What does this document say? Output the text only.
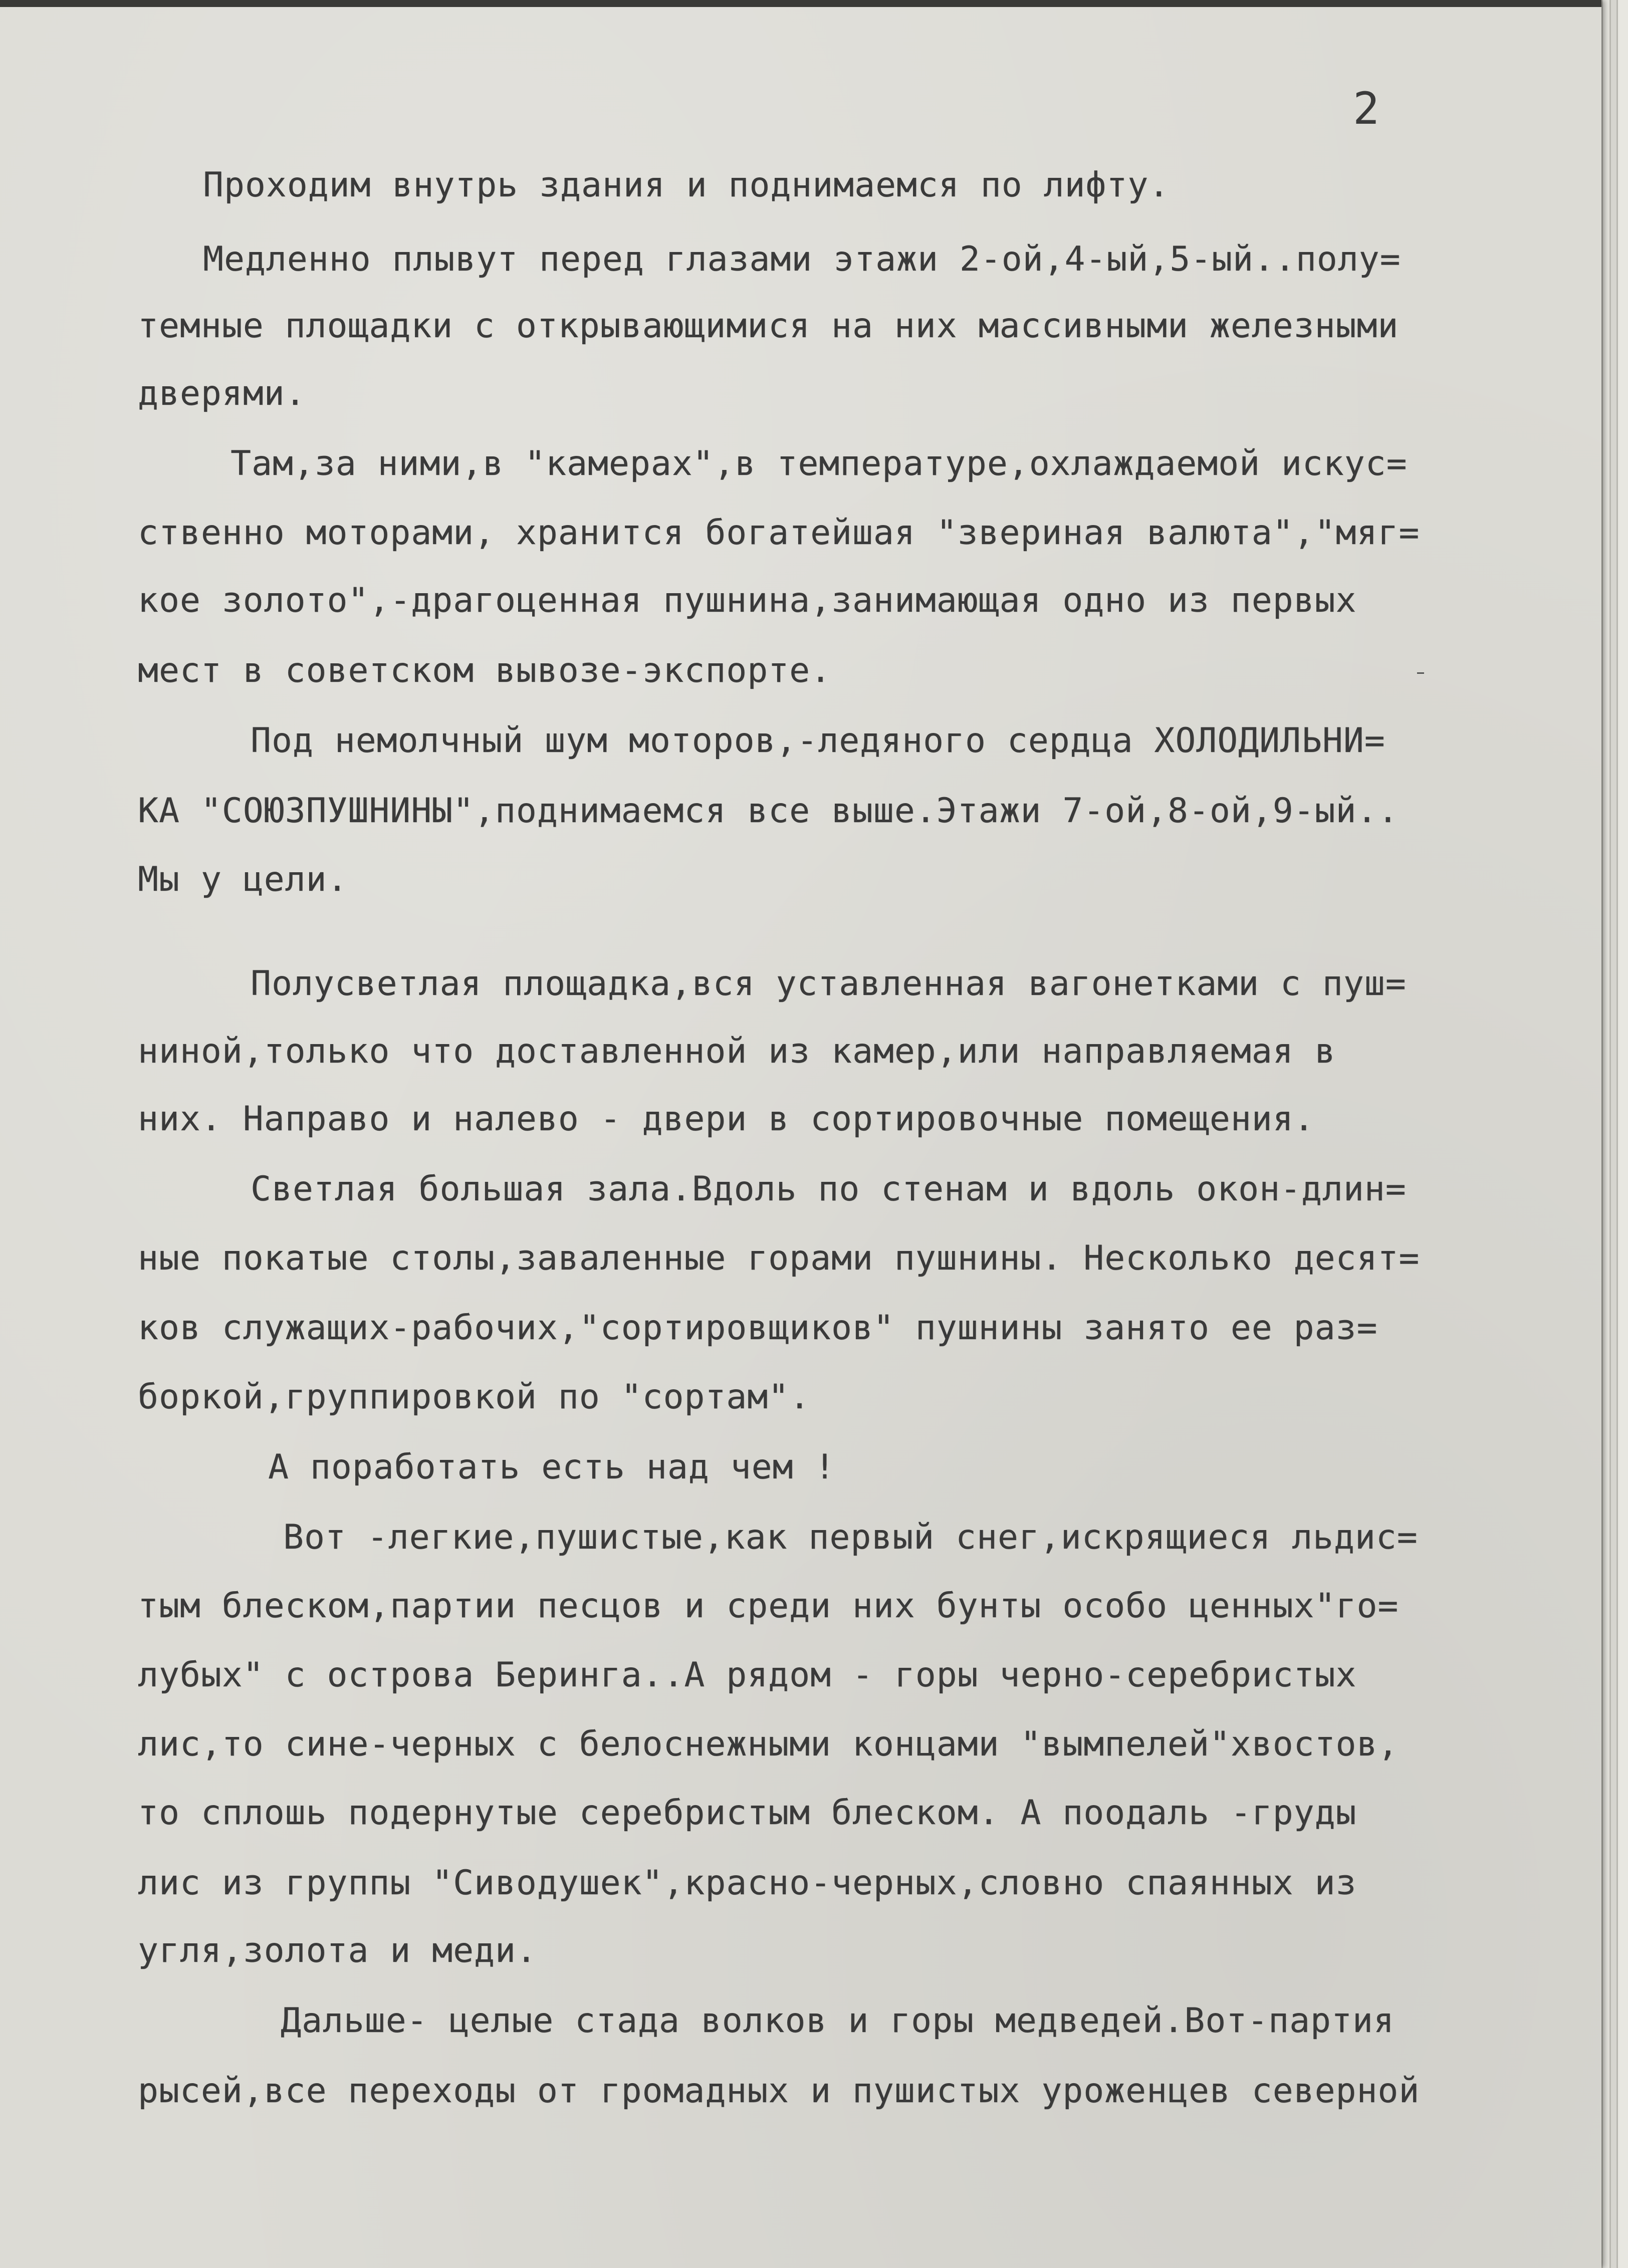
2
Проходим внутрь здания и поднимаемся по лифту.
Медленно плывут перед глазами этажи 2-ой,4-ый,5-ый..полу=
темные площадки с открывающимися на них массивными железными
дверями.
Там,за ними,в "камерах",в температуре,охлаждаемой искус=
ственно моторами, хранится богатейшая "звериная валюта","мяг=
кое золото",-драгоценная пушнина,занимающая одно из первых
мест в советском вывозе-экспорте.
Под немолчный шум моторов,-ледяного сердца ХОЛОДИЛЬНИ=
КА "СОЮЗПУШНИНЫ",поднимаемся все выше.Этажи 7-ой,8-ой,9-ый..
Мы у цели.
Полусветлая площадка,вся уставленная вагонетками с пуш=
ниной,только что доставленной из камер,или направляемая в
них. Направо и налево - двери в сортировочные помещения.
Светлая большая зала.Вдоль по стенам и вдоль окон-длин=
ные покатые столы,заваленные горами пушнины. Несколько десят=
ков служащих-рабочих,"сортировщиков" пушнины занято ее раз=
боркой,группировкой по "сортам".
А поработать есть над чем !
Вот -легкие,пушистые,как первый снег,искрящиеся льдис=
тым блеском,партии песцов и среди них бунты особо ценных"го=
лубых" с острова Беринга..А рядом - горы черно-серебристых
лис,то сине-черных с белоснежными концами "вымпелей"хвостов,
то сплошь подернутые серебристым блеском. А поодаль -груды
лис из группы "Сиводушек",красно-черных,словно спаянных из
угля,золота и меди.
Дальше- целые стада волков и горы медведей.Вот-партия
рысей,все переходы от громадных и пушистых уроженцев северной
